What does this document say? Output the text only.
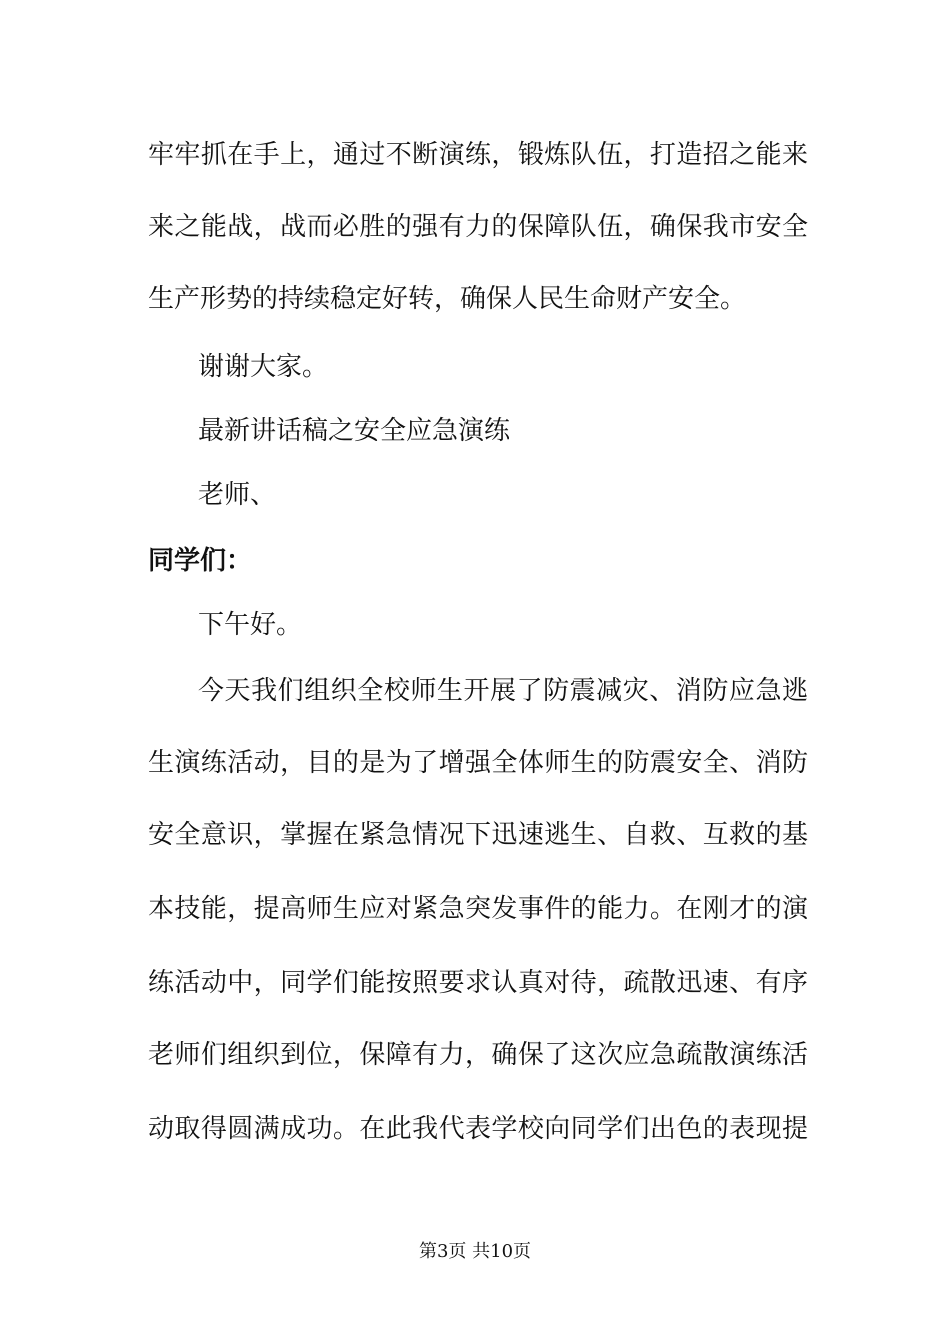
牢牢抓在手上，通过不断演练，锻炼队伍，打造招之能来
来之能战，战而必胜的强有力的保障队伍，确保我市安全
生产形势的持续稳定好转，确保人民生命财产安全。
谢谢大家。
最新讲话稿之安全应急演练
老师、
同学们：
下午好。
今天我们组织全校师生开展了防震减灾、消防应急逃
生演练活动，目的是为了增强全体师生的防震安全、消防
安全意识，掌握在紧急情况下迅速逃生、自救、互救的基
本技能，提高师生应对紧急突发事件的能力。在刚才的演
练活动中，同学们能按照要求认真对待，疏散迅速、有序
老师们组织到位，保障有力，确保了这次应急疏散演练活
动取得圆满成功。在此我代表学校向同学们出色的表现提
第3页 共10页
